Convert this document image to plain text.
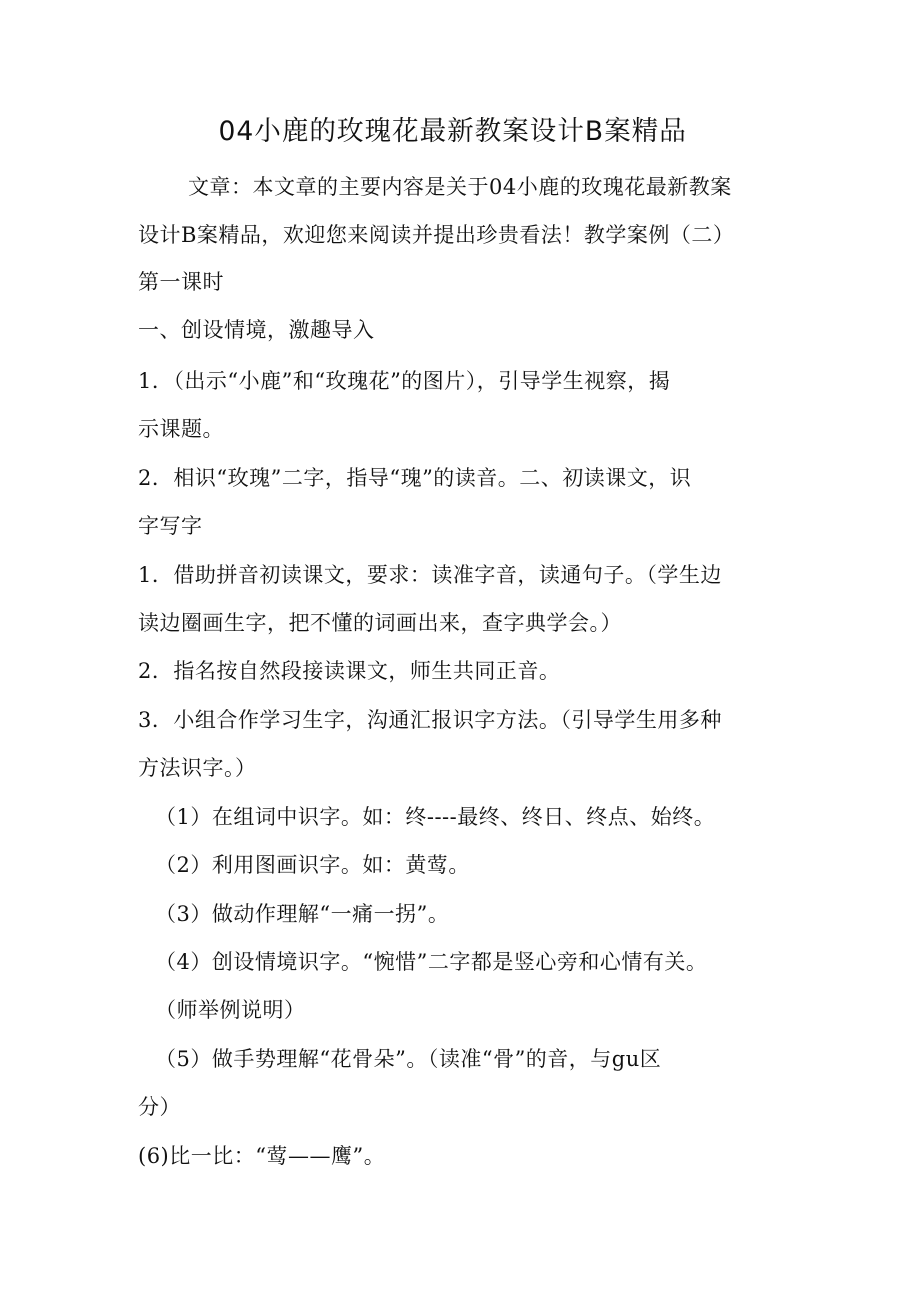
04小鹿的玫瑰花最新教案设计B案精品
文章：本文章的主要内容是关于04小鹿的玫瑰花最新教案
设计B案精品，欢迎您来阅读并提出珍贵看法！教学案例（二）
第一课时
一、创设情境，激趣导入
1．（出示“小鹿”和“玫瑰花”的图片），引导学生视察，揭
示课题。
2．相识“玫瑰”二字，指导“瑰”的读音。二、初读课文，识
字写字
1．借助拼音初读课文，要求：读准字音，读通句子。（学生边
读边圈画生字，把不懂的词画出来，查字典学会。）
2．指名按自然段接读课文，师生共同正音。
3．小组合作学习生字，沟通汇报识字方法。（引导学生用多种
方法识字。）
（1）在组词中识字。如：终----最终、终日、终点、始终。
（2）利用图画识字。如：黄莺。
（3）做动作理解“一痛一拐”。
（4）创设情境识字。“惋惜”二字都是竖心旁和心情有关。
（师举例说明）
（5）做手势理解“花骨朵”。（读准“骨”的音，与gu区
分）
(6)比一比：“莺——鹰”。
